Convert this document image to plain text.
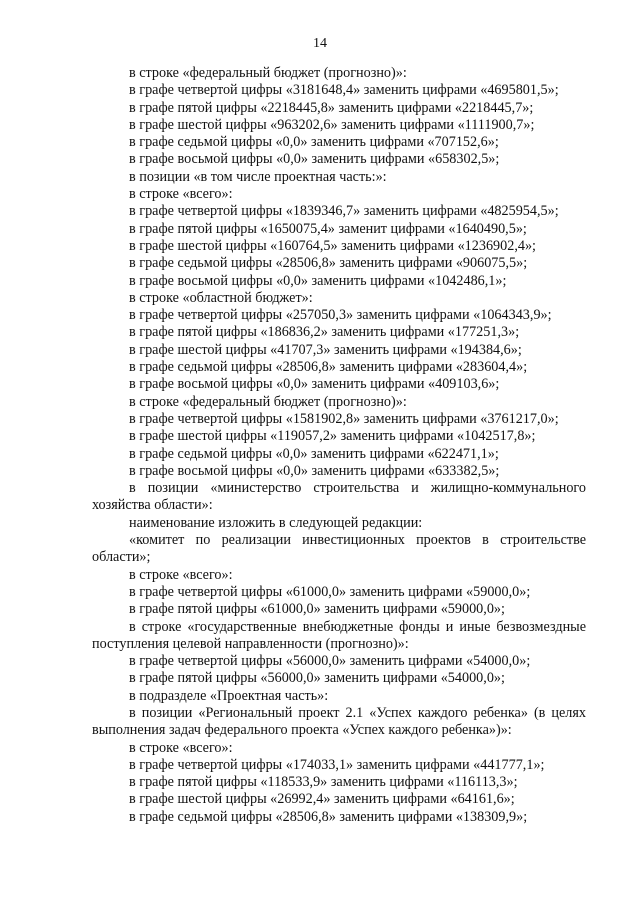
14
в строке «федеральный бюджет (прогнозно)»:
в графе четвертой цифры «3181648,4» заменить цифрами «4695801,5»;
в графе пятой цифры «2218445,8» заменить цифрами «2218445,7»;
в графе шестой цифры «963202,6» заменить цифрами «1111900,7»;
в графе седьмой цифры «0,0» заменить цифрами «707152,6»;
в графе восьмой цифры «0,0» заменить цифрами «658302,5»;
в позиции «в том числе проектная часть:»:
в строке «всего»:
в графе четвертой цифры «1839346,7» заменить цифрами «4825954,5»;
в графе пятой цифры «1650075,4» заменит цифрами «1640490,5»;
в графе шестой цифры «160764,5» заменить цифрами «1236902,4»;
в графе седьмой цифры «28506,8» заменить цифрами «906075,5»;
в графе восьмой цифры «0,0» заменить цифрами «1042486,1»;
в строке «областной бюджет»:
в графе четвертой цифры «257050,3» заменить цифрами «1064343,9»;
в графе пятой цифры «186836,2» заменить цифрами «177251,3»;
в графе шестой цифры «41707,3» заменить цифрами «194384,6»;
в графе седьмой цифры «28506,8» заменить цифрами «283604,4»;
в графе восьмой цифры «0,0» заменить цифрами «409103,6»;
в строке «федеральный бюджет (прогнозно)»:
в графе четвертой цифры «1581902,8» заменить цифрами «3761217,0»;
в графе шестой цифры «119057,2» заменить цифрами «1042517,8»;
в графе седьмой цифры «0,0» заменить цифрами «622471,1»;
в графе восьмой цифры «0,0» заменить цифрами «633382,5»;
в позиции «министерство строительства и жилищно-коммунального хозяйства области»:
наименование изложить в следующей редакции:
«комитет по реализации инвестиционных проектов в строительстве области»;
в строке «всего»:
в графе четвертой цифры «61000,0» заменить цифрами «59000,0»;
в графе пятой цифры «61000,0» заменить цифрами «59000,0»;
в строке «государственные внебюджетные фонды и иные безвозмездные поступления целевой направленности (прогнозно)»:
в графе четвертой цифры «56000,0» заменить цифрами «54000,0»;
в графе пятой цифры «56000,0» заменить цифрами «54000,0»;
в подразделе «Проектная часть»:
в позиции «Региональный проект 2.1 «Успех каждого ребенка» (в целях выполнения задач федерального проекта «Успех каждого ребенка»)»:
в строке «всего»:
в графе четвертой цифры «174033,1» заменить цифрами «441777,1»;
в графе пятой цифры «118533,9» заменить цифрами «116113,3»;
в графе шестой цифры «26992,4» заменить цифрами «64161,6»;
в графе седьмой цифры «28506,8» заменить цифрами «138309,9»;
